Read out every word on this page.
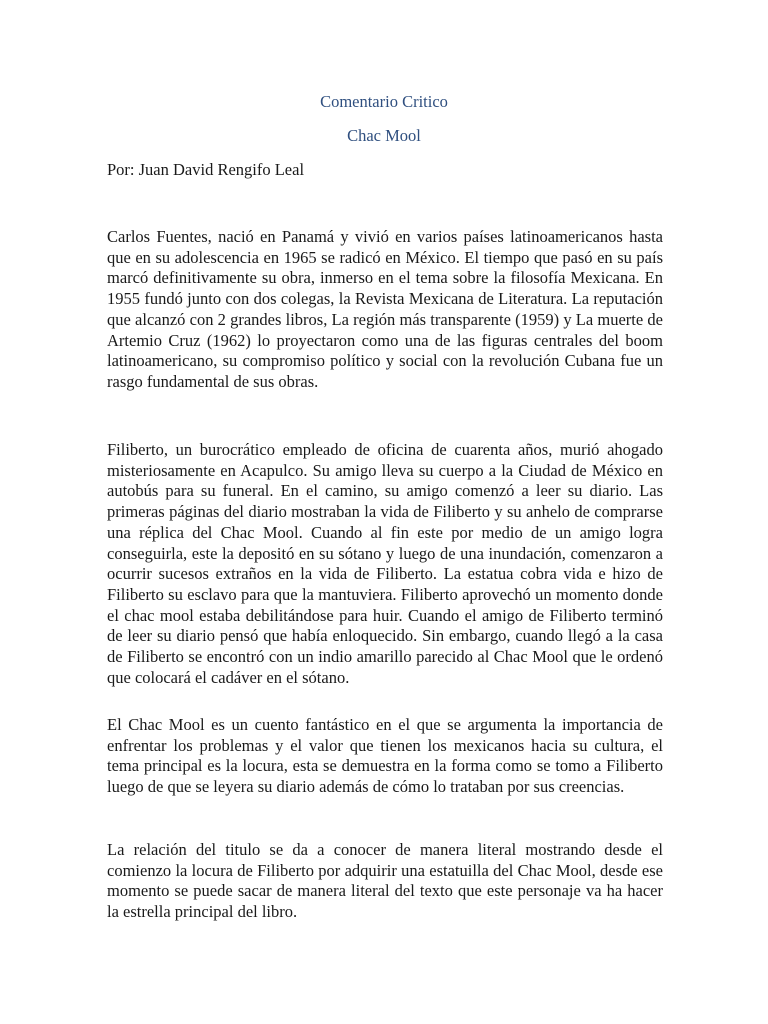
Comentario Critico
Chac Mool

Por: Juan David Rengifo Leal

Carlos Fuentes, nació en Panamá y vivió en varios países latinoamericanos hasta que en su adolescencia en 1965 se radicó en México. El tiempo que pasó en su país marcó definitivamente su obra, inmerso en el tema sobre la filosofía Mexicana. En 1955 fundó junto con dos colegas, la Revista Mexicana de Literatura. La reputación que alcanzó con 2 grandes libros, La región más transparente (1959) y La muerte de Artemio Cruz (1962) lo proyectaron como una de las figuras centrales del boom latinoamericano, su compromiso político y social con la revolución Cubana fue un rasgo fundamental de sus obras.

Filiberto, un burocrático empleado de oficina de cuarenta años, murió ahogado misteriosamente en Acapulco. Su amigo lleva su cuerpo a la Ciudad de México en autobús para su funeral. En el camino, su amigo comenzó a leer su diario. Las primeras páginas del diario mostraban la vida de Filiberto y su anhelo de comprarse una réplica del Chac Mool. Cuando al fin este por medio de un amigo logra conseguirla, este la depositó en su sótano y luego de una inundación, comenzaron a ocurrir sucesos extraños en la vida de Filiberto. La estatua cobra vida e hizo de Filiberto su esclavo para que la mantuviera. Filiberto aprovechó un momento donde el chac mool estaba debilitándose para huir. Cuando el amigo de Filiberto terminó de leer su diario pensó que había enloquecido. Sin embargo, cuando llegó a la casa de Filiberto se encontró con un indio amarillo parecido al Chac Mool que le ordenó que colocará el cadáver en el sótano.

El Chac Mool es un cuento fantástico en el que se argumenta la importancia de enfrentar los problemas y el valor que tienen los mexicanos hacia su cultura, el tema principal es la locura, esta se demuestra en la forma como se tomo a Filiberto luego de que se leyera su diario además de cómo lo trataban por sus creencias.

La relación del titulo se da a conocer de manera literal mostrando desde el comienzo la locura de Filiberto por adquirir una estatuilla del Chac Mool, desde ese momento se puede sacar de manera literal del texto que este personaje va ha hacer la estrella principal del libro.
